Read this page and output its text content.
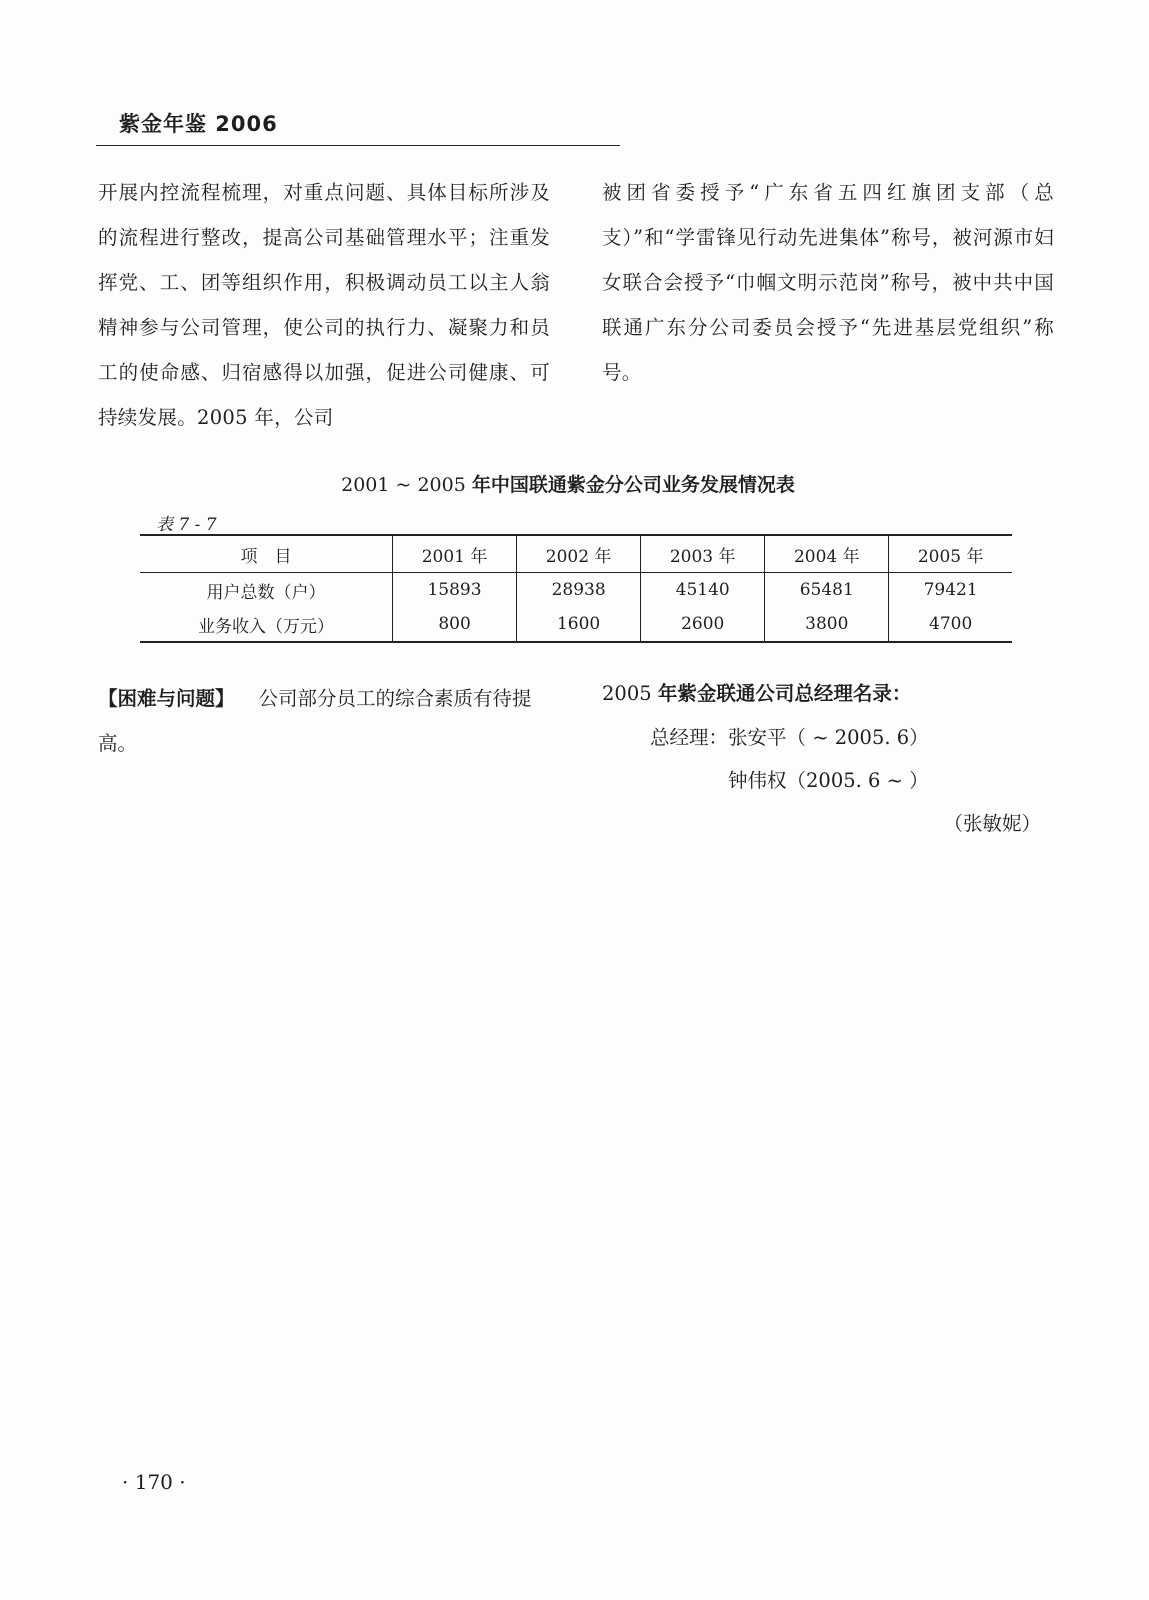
紫金年鉴 2006

开展内控流程梳理，对重点问题、具体目标所涉及的流程进行整改，提高公司基础管理水平；注重发挥党、工、团等组织作用，积极调动员工以主人翁精神参与公司管理，使公司的执行力、凝聚力和员工的使命感、归宿感得以加强，促进公司健康、可持续发展。2005 年，公司

被团省委授予“广东省五四红旗团支部（总支）”和“学雷锋见行动先进集体”称号，被河源市妇女联合会授予“巾帼文明示范岗”称号，被中共中国联通广东分公司委员会授予“先进基层党组织”称号。

2001 ~ 2005 年中国联通紫金分公司业务发展情况表
表 7 - 7
项　目	2001 年	2002 年	2003 年	2004 年	2005 年
用户总数（户）	15893	28938	45140	65481	79421
业务收入（万元）	800	1600	2600	3800	4700
【困难与问题】 公司部分员工的综合素质有待提高。
2005 年紫金联通公司总经理名录：
总经理：张安平（ ~ 2005. 6）
钟伟权（2005. 6 ~ ）
（张敏妮）
· 170 ·
